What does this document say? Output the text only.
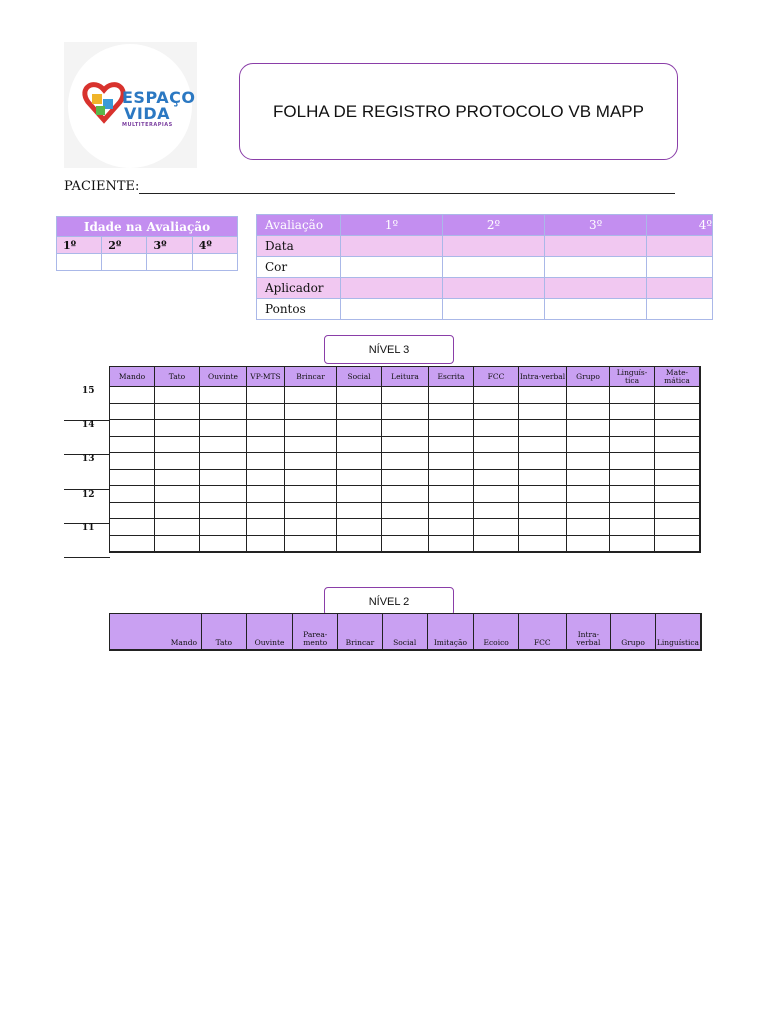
ESPAÇO
VIDA
MULTITERAPIAS
FOLHA DE REGISTRO PROTOCOLO VB MAPP
PACIENTE:
Idade na Avaliação			
1º	2º	3º	4º

Avaliação	1º	2º	3º	4º
Data				
Cor				
Aplicador				
Pontos				
NÍVEL 3
Mando	Tato	Ouvinte	VP-MTS	Brincar	Social	Leitura	Escrita	FCC	Intra-verbal	Grupo	Linguís-tica	Mate-mática

15
14
13
12
11
NÍVEL 2
Mando	Tato	Ouvinte	Parea-mento	Brincar	Social	Imitação	Ecoico	FCC	Intra-verbal	Grupo	Linguística
